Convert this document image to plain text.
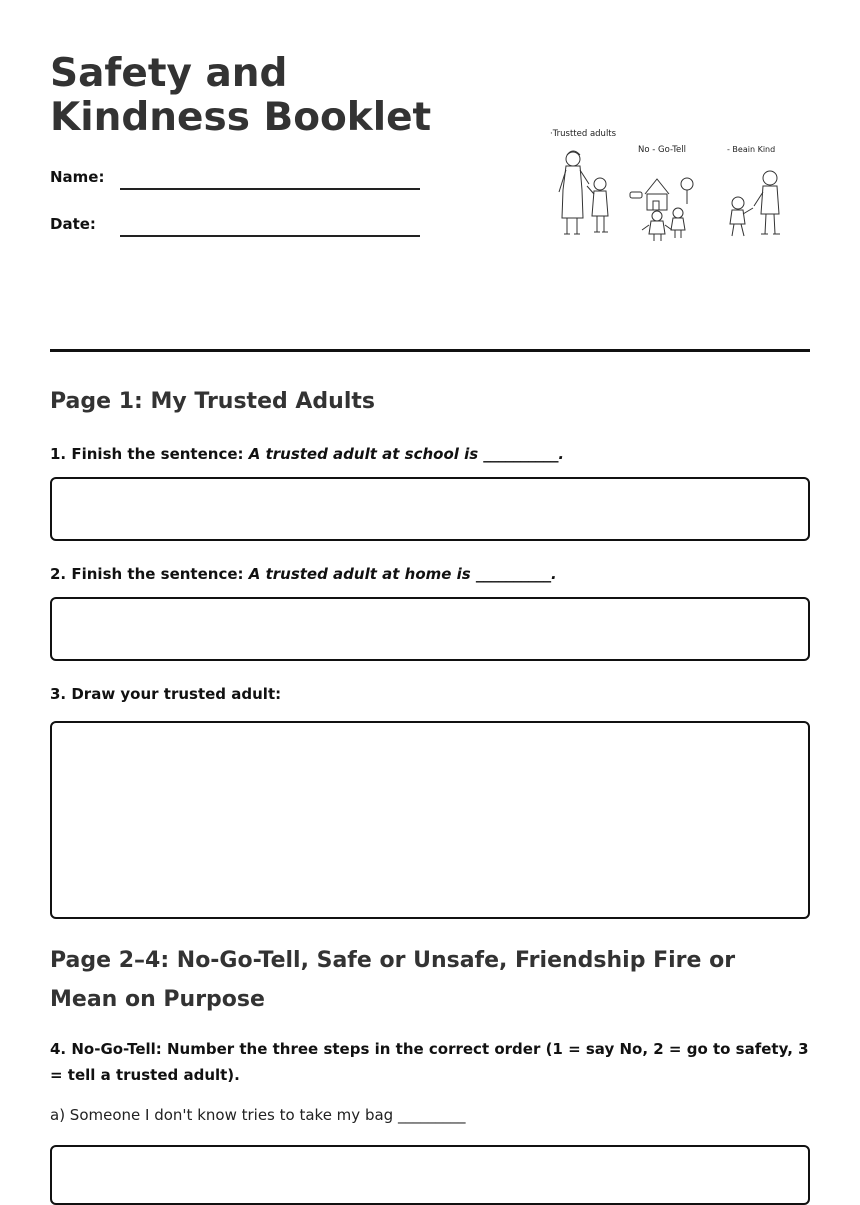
Safety and Kindness Booklet
Name:
Date:
·Trustted adults
No - Go-Tell	- Beain Kind
Page 1: My Trusted Adults

1. Finish the sentence: A trusted adult at school is __________.

2. Finish the sentence: A trusted adult at home is __________.

3. Draw your trusted adult:

Page 2–4: No-Go-Tell, Safe or Unsafe, Friendship Fire or Mean on Purpose

4. No-Go-Tell: Number the three steps in the correct order (1 = say No, 2 = go to safety, 3 = tell a trusted adult).

a) Someone I don't know tries to take my bag _________
